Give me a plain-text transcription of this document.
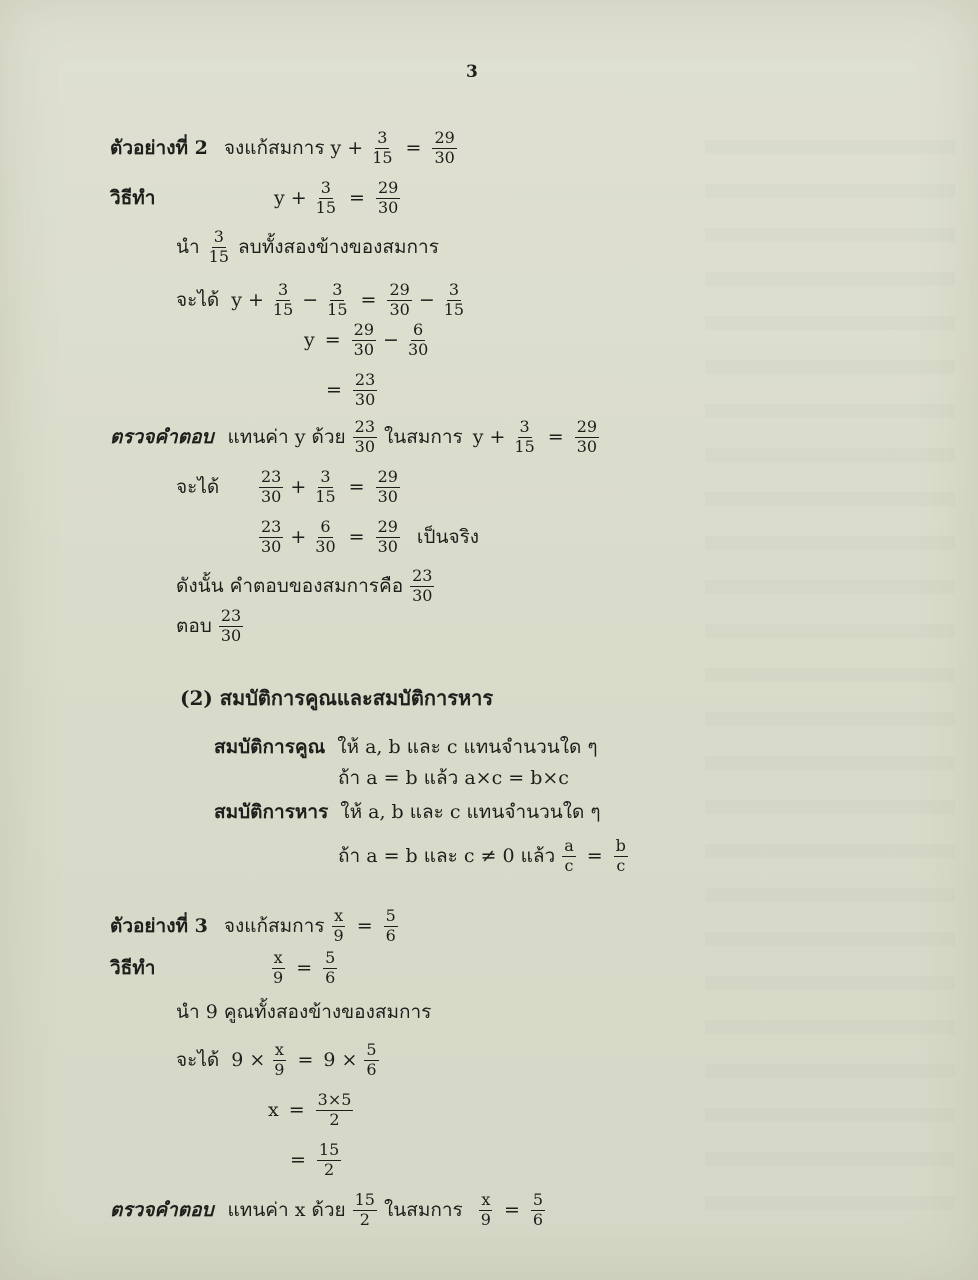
3
ตัวอย่างที่ 2 จงแก้สมการ $y + \frac{3}{15} = \frac{29}{30}$
วิธีทำ	$y + \frac{3}{15} = \frac{29}{30}$
นำ $\frac{3}{15}$ ลบทั้งสองข้างของสมการ
จะได้ $y + \frac{3}{15} - \frac{3}{15} = \frac{29}{30} - \frac{3}{15}$
$y = \frac{29}{30} - \frac{6}{30}$
= $\frac{23}{30}$
ตรวจคำตอบ แทนค่า y ด้วย $\frac{23}{30}$ ในสมการ $y + \frac{3}{15} = \frac{29}{30}$
จะได้	$\frac{23}{30} + \frac{3}{15} = \frac{29}{30}$
$\frac{23}{30} + \frac{6}{30} = \frac{29}{30}$ เป็นจริง
ดังนั้น คำตอบของสมการคือ $\frac{23}{30}$
ตอบ $\frac{23}{30}$
(2) สมบัติการคูณและสมบัติการหาร
สมบัติการคูณ ให้ a, b และ c แทนจำนวนใด ๆ
ถ้า a = b แล้ว a×c = b×c
สมบัติการหาร ให้ a, b และ c แทนจำนวนใด ๆ
ถ้า a = b และ c ≠ 0 แล้ว $\frac{a}{c} = \frac{b}{c}$
ตัวอย่างที่ 3 จงแก้สมการ $\frac{x}{9} = \frac{5}{6}$
วิธีทำ	$\frac{x}{9} = \frac{5}{6}$
นำ 9 คูณทั้งสองข้างของสมการ
จะได้ $9 \times \frac{x}{9} = 9 \times \frac{5}{6}$
$x = \frac{3\times 5}{2}$
= $\frac{15}{2}$
ตรวจคำตอบ แทนค่า x ด้วย $\frac{15}{2}$ ในสมการ $\frac{x}{9} = \frac{5}{6}$
